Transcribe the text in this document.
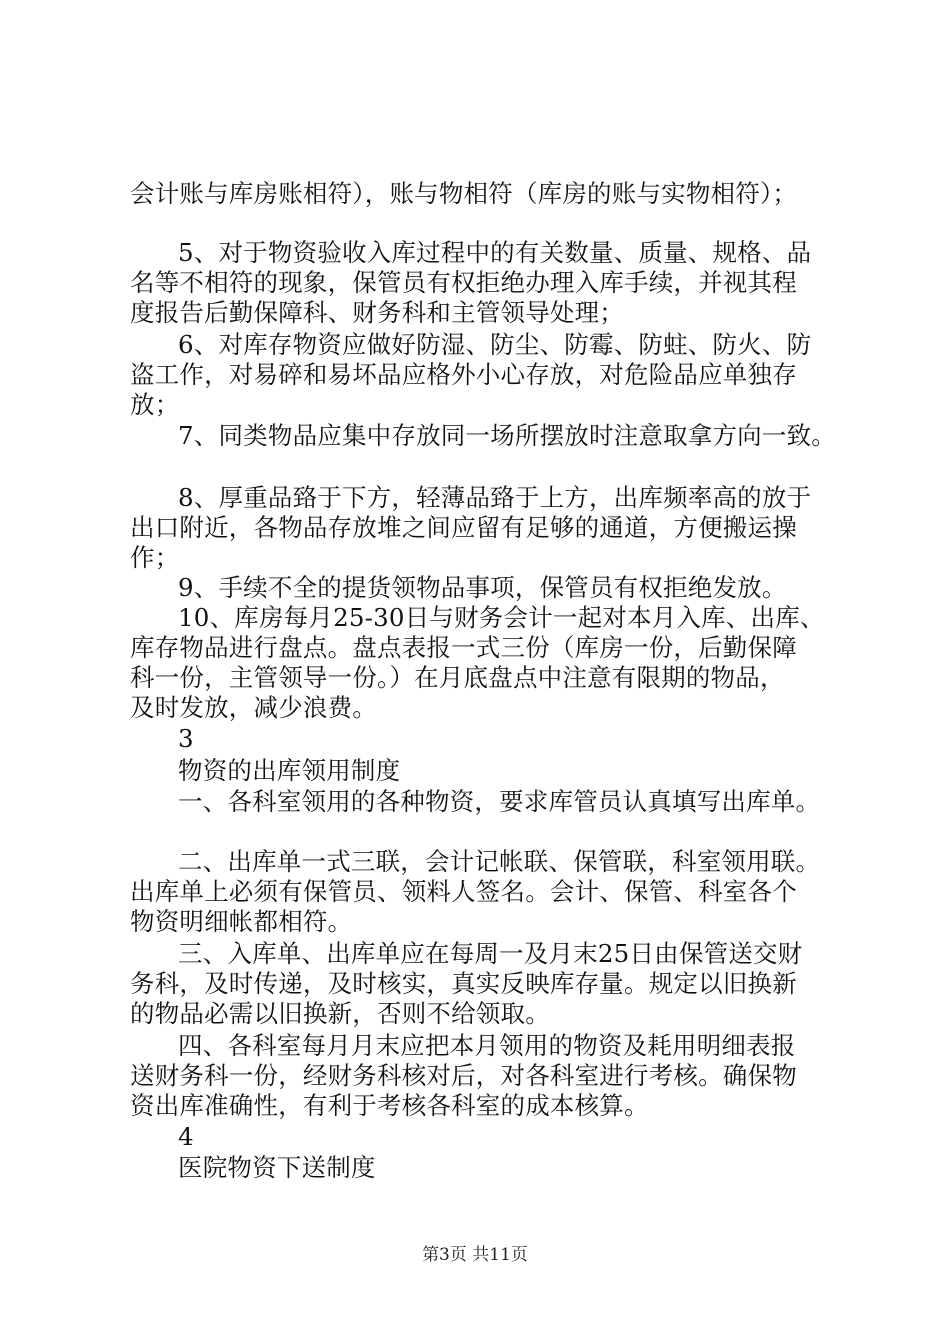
会计账与库房账相符），账与物相符（库房的账与实物相符）；
5、对于物资验收入库过程中的有关数量、质量、规格、品
名等不相符的现象，保管员有权拒绝办理入库手续，并视其程
度报告后勤保障科、财务科和主管领导处理；
6、对库存物资应做好防湿、防尘、防霉、防蛀、防火、防
盗工作，对易碎和易坏品应格外小心存放，对危险品应单独存
放；
7、同类物品应集中存放同一场所摆放时注意取拿方向一致。
8、厚重品臵于下方，轻薄品臵于上方，出库频率高的放于
出口附近，各物品存放堆之间应留有足够的通道，方便搬运操
作；
9、手续不全的提货领物品事项，保管员有权拒绝发放。
10、库房每月25-30日与财务会计一起对本月入库、出库、
库存物品进行盘点。盘点表报一式三份（库房一份，后勤保障
科一份，主管领导一份。）在月底盘点中注意有限期的物品，
及时发放，减少浪费。
3
物资的出库领用制度
一、各科室领用的各种物资，要求库管员认真填写出库单。
二、出库单一式三联，会计记帐联、保管联，科室领用联。
出库单上必须有保管员、领料人签名。会计、保管、科室各个
物资明细帐都相符。
三、入库单、出库单应在每周一及月末25日由保管送交财
务科，及时传递，及时核实，真实反映库存量。规定以旧换新
的物品必需以旧换新，否则不给领取。
四、各科室每月月末应把本月领用的物资及耗用明细表报
送财务科一份，经财务科核对后，对各科室进行考核。确保物
资出库准确性，有利于考核各科室的成本核算。
4
医院物资下送制度
第3页 共11页
